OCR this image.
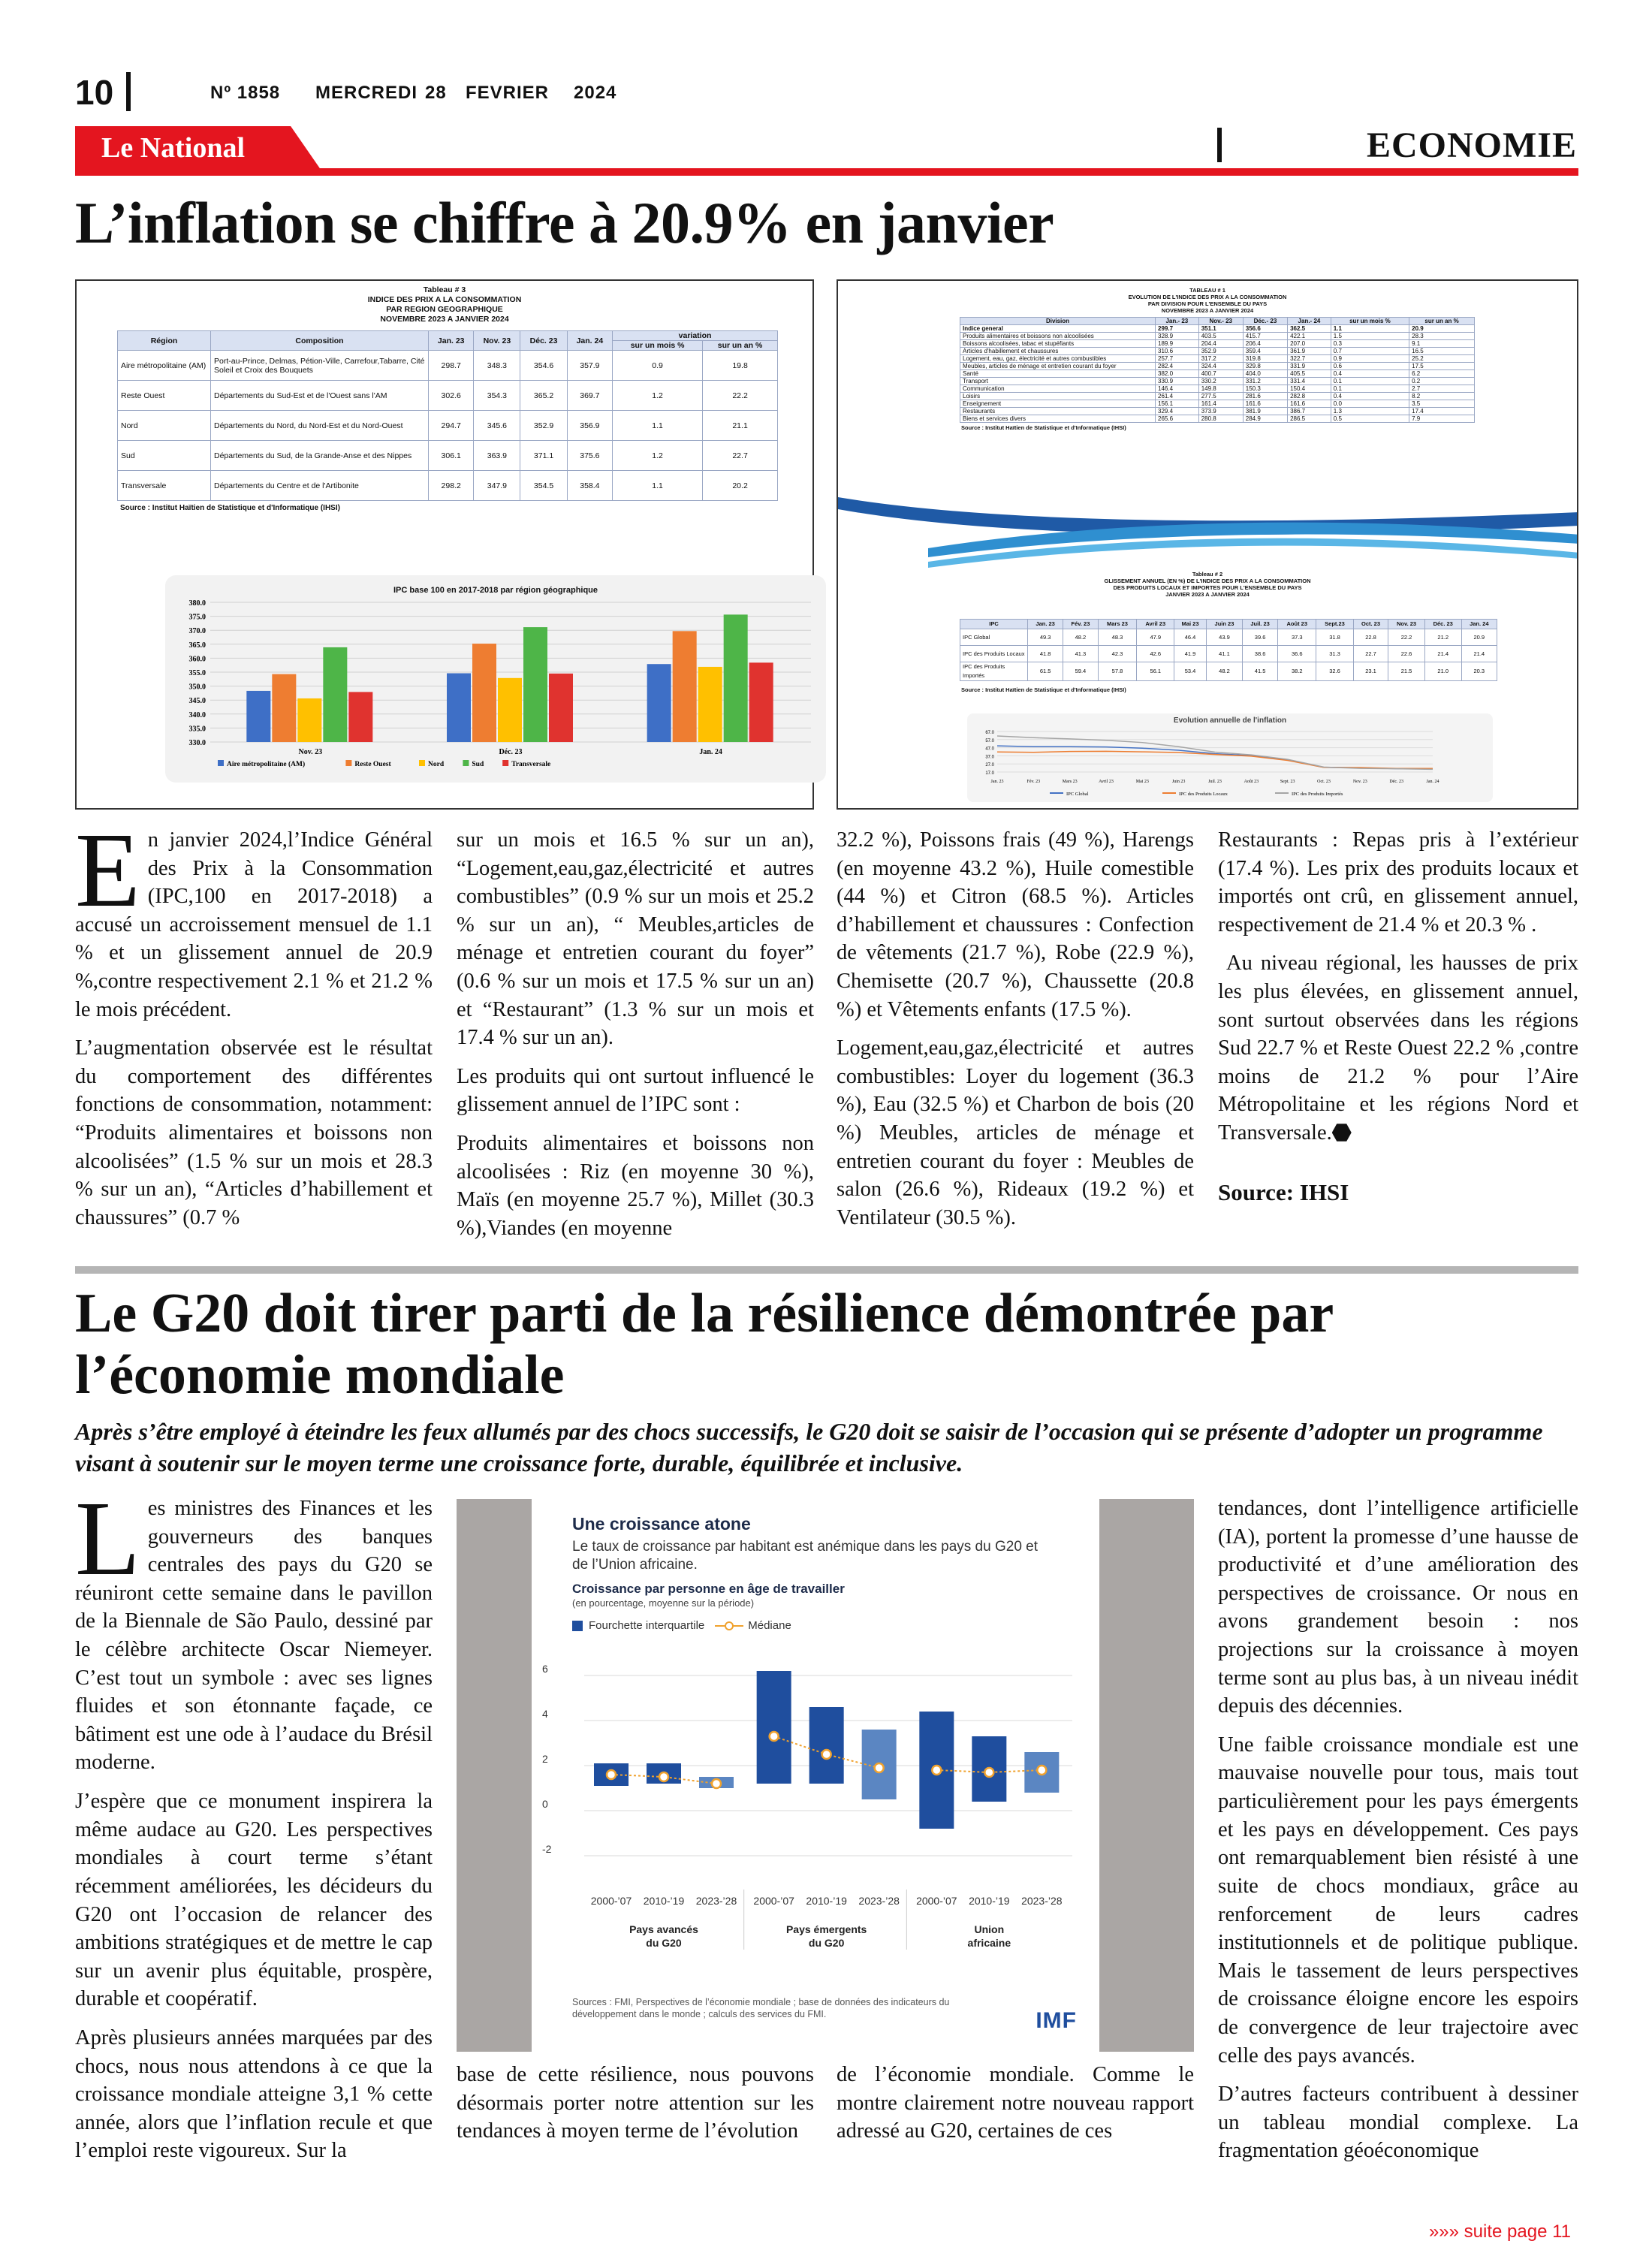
10	Nº 1858 MERCREDI 28 FEVRIER 2024
Le National	ECONOMIE
L’inflation se chiffre à 20.9% en janvier
Tableau # 3
INDICE DES PRIX A LA CONSOMMATION
PAR REGION GEOGRAPHIQUE
NOVEMBRE 2023 A JANVIER 2024
Région	Composition	Jan. 23	Nov. 23	Déc. 23	Jan. 24	variation	
						sur un mois %	sur un an %
Aire métropolitaine (AM)	Port-au-Prince, Delmas, Pétion-Ville, Carrefour,Tabarre, Cité Soleil et Croix des Bouquets	298.7	348.3	354.6	357.9	0.9	19.8
Reste Ouest	Départements du Sud-Est et de l'Ouest sans l'AM	302.6	354.3	365.2	369.7	1.2	22.2
Nord	Départements du Nord, du Nord-Est et du Nord-Ouest	294.7	345.6	352.9	356.9	1.1	21.1
Sud	Départements du Sud, de la Grande-Anse et des Nippes	306.1	363.9	371.1	375.6	1.2	22.7
Transversale	Départements du Centre et de l'Artibonite	298.2	347.9	354.5	358.4	1.1	20.2
Source : Institut Haïtien de Statistique et d'Informatique (IHSI)
IPC base 100 en 2017-2018 par région géographique
380.0
375.0
370.0
365.0
360.0
355.0
350.0
345.0
340.0
335.0
330.0
Nov. 23	Déc. 23	Jan. 24
Aire métropolitaine (AM)	Reste Ouest	Nord	Sud	Transversale
TABLEAU # 1
EVOLUTION DE L'INDICE DES PRIX A LA CONSOMMATION
PAR DIVISION POUR L'ENSEMBLE DU PAYS
NOVEMBRE 2023 A JANVIER 2024
Division	Jan.- 23	Nov.- 23	Déc.- 23	Jan.- 24	sur un mois %	sur un an %
Indice general	299.7	351.1	356.6	362.5	1.1	20.9
Produits alimentaires et boissons non alcoolisées	328.9	403.5	415.7	422.1	1.5	28.3
Boissons alcoolisées, tabac et stupéfiants	189.9	204.4	206.4	207.0	0.3	9.1
Articles d'habillement et chaussures	310.6	352.9	359.4	361.9	0.7	16.5
Logement, eau, gaz, électricité et autres combustibles	257.7	317.2	319.8	322.7	0.9	25.2
Meubles, articles de ménage et entretien courant du foyer	282.4	324.4	329.8	331.9	0.6	17.5
Santé	382.0	400.7	404.0	405.5	0.4	6.2
Transport	330.9	330.2	331.2	331.4	0.1	0.2
Communication	146.4	149.8	150.3	150.4	0.1	2.7
Loisirs	261.4	277.5	281.6	282.8	0.4	8.2
Enseignement	156.1	161.4	161.6	161.6	0.0	3.5
Restaurants	329.4	373.9	381.9	386.7	1.3	17.4
Biens et services divers	265.6	280.8	284.9	286.5	0.5	7.9
Source : Institut Haïtien de Statistique et d'Informatique (IHSI)
Tableau # 2
GLISSEMENT ANNUEL (EN %) DE L'INDICE DES PRIX A LA CONSOMMATION
DES PRODUITS LOCAUX ET IMPORTES POUR L'ENSEMBLE DU PAYS
JANVIER 2023 A JANVIER 2024
IPC	Jan. 23	Fév. 23	Mars 23	Avril 23	Mai 23	Juin 23	Juil. 23	Août 23	Sept.23	Oct. 23	Nov. 23	Déc. 23	Jan. 24
IPC Global	49.3	48.2	48.3	47.9	46.4	43.9	39.6	37.3	31.8	22.8	22.2	21.2	20.9
IPC des Produits Locaux	41.8	41.3	42.3	42.6	41.9	41.1	38.6	36.6	31.3	22.7	22.6	21.4	21.4
IPC des Produits Importés	61.5	59.4	57.8	56.1	53.4	48.2	41.5	38.2	32.6	23.1	21.5	21.0	20.3
Source : Institut Haïtien de Statistique et d'Informatique (IHSI)
Evolution annuelle de l'inflation
67.0
57.0
47.0
37.0
27.0
17.0
Jan. 23	Fév. 23	Mars 23	Avril 23	Mai 23	Juin 23	Juil. 23	Août 23	Sept. 23	Oct. 23	Nov. 23	Déc. 23	Jan. 24
IPC Global	IPC des Produits Locaux	IPC des Produits Importés

En janvier 2024,l’Indice Général des Prix à la Consommation (IPC,100 en 2017-2018) a accusé un accroissement mensuel de 1.1 % et un glissement annuel de 20.9 %,contre respectivement 2.1 % et 21.2 % le mois précédent.

L’augmentation observée est le résultat du comportement des différentes fonctions de consommation, notamment: “Produits alimentaires et boissons non alcoolisées” (1.5 % sur un mois et 28.3 % sur un an), “Articles d’habillement et chaussures” (0.7 %

sur un mois et 16.5 % sur un an), “Logement,eau,gaz,électricité et autres combustibles” (0.9 % sur un mois et 25.2 % sur un an), “ Meubles,articles de ménage et entretien courant du foyer” (0.6 % sur un mois et 17.5 % sur un an) et “Restaurant” (1.3 % sur un mois et 17.4 % sur un an).

Les produits qui ont surtout influencé le glissement annuel de l’IPC sont :

Produits alimentaires et boissons non alcoolisées : Riz (en moyenne 30 %), Maïs (en moyenne 25.7 %), Millet (30.3 %),Viandes (en moyenne

32.2 %), Poissons frais (49 %), Harengs (en moyenne 43.2 %), Huile comestible (44 %) et Citron (68.5 %). Articles d’habillement et chaussures : Confection de vêtements (21.7 %), Robe (22.9 %), Chemisette (20.7 %), Chaussette (20.8 %) et Vêtements enfants (17.5 %).

Logement,eau,gaz,électricité et autres combustibles: Loyer du logement (36.3 %), Eau (32.5 %) et Charbon de bois (20 %) Meubles, articles de ménage et entretien courant du foyer : Meubles de salon (26.6 %), Rideaux (19.2 %) et Ventilateur (30.5 %).

Restaurants : Repas pris à l’extérieur (17.4 %). Les prix des produits locaux et importés ont crû, en glissement annuel, respectivement de 21.4 % et 20.3 % .

Au niveau régional, les hausses de prix les plus élevées, en glissement annuel, sont surtout observées dans les régions Sud 22.7 % et Reste Ouest 22.2 % ,contre moins de 21.2 % pour l’Aire Métropolitaine et les régions Nord et Transversale.

Source: IHSI

Le G20 doit tirer parti de la résilience démontrée par
l’économie mondiale
Après s’être employé à éteindre les feux allumés par des chocs successifs, le G20 doit se saisir de l’occasion qui se présente d’adopter un programme visant à soutenir sur le moyen terme une croissance forte, durable, équilibrée et inclusive.

Les ministres des Finances et les gouverneurs des banques centrales des pays du G20 se réuniront cette semaine dans le pavillon de la Biennale de São Paulo, dessiné par le célèbre architecte Oscar Niemeyer. C’est tout un symbole : avec ses lignes fluides et son étonnante façade, ce bâtiment est une ode à l’audace du Brésil moderne.

J’espère que ce monument inspirera la même audace au G20. Les perspectives mondiales à court terme s’étant récemment améliorées, les décideurs du G20 ont l’occasion de relancer des ambitions stratégiques et de mettre le cap sur un avenir plus équitable, prospère, durable et coopératif.

Après plusieurs années marquées par des chocs, nous nous attendons à ce que la croissance mondiale atteigne 3,1 % cette année, alors que l’inflation recule et que l’emploi reste vigoureux. Sur la

Une croissance atone
Le taux de croissance par habitant est anémique dans les pays du G20 et de l’Union africaine.
Croissance par personne en âge de travailler
(en pourcentage, moyenne sur la période)
Fourchette interquartile	Médiane
6
4
2
0
-2
2000-’07 2010-’19 2023-’28 2000-’07 2010-’19 2023-’28 2000-’07 2010-’19 2023-’28
Pays avancés
du G20
Pays émergents
du G20
Union
africaine
Sources : FMI, Perspectives de l’économie mondiale ; base de données des indicateurs du développement dans le monde ; calculs des services du FMI.	IMF

base de cette résilience, nous pouvons désormais porter notre attention sur les tendances à moyen terme de l’évolution

de l’économie mondiale. Comme le montre clairement notre nouveau rapport adressé au G20, certaines de ces

tendances, dont l’intelligence artificielle (IA), portent la promesse d’une hausse de productivité et d’une amélioration des perspectives de croissance. Or nous en avons grandement besoin : nos projections sur la croissance à moyen terme sont au plus bas, à un niveau inédit depuis des décennies.

Une faible croissance mondiale est une mauvaise nouvelle pour tous, mais tout particulièrement pour les pays émergents et les pays en développement. Ces pays ont remarquablement bien résisté à une suite de chocs mondiaux, grâce au renforcement de leurs cadres institutionnels et de politique publique. Mais le tassement de leurs perspectives de croissance éloigne encore les espoirs de convergence de leur trajectoire avec celle des pays avancés.

D’autres facteurs contribuent à dessiner un tableau mondial complexe. La fragmentation géoéconomique

»»» suite page 11
